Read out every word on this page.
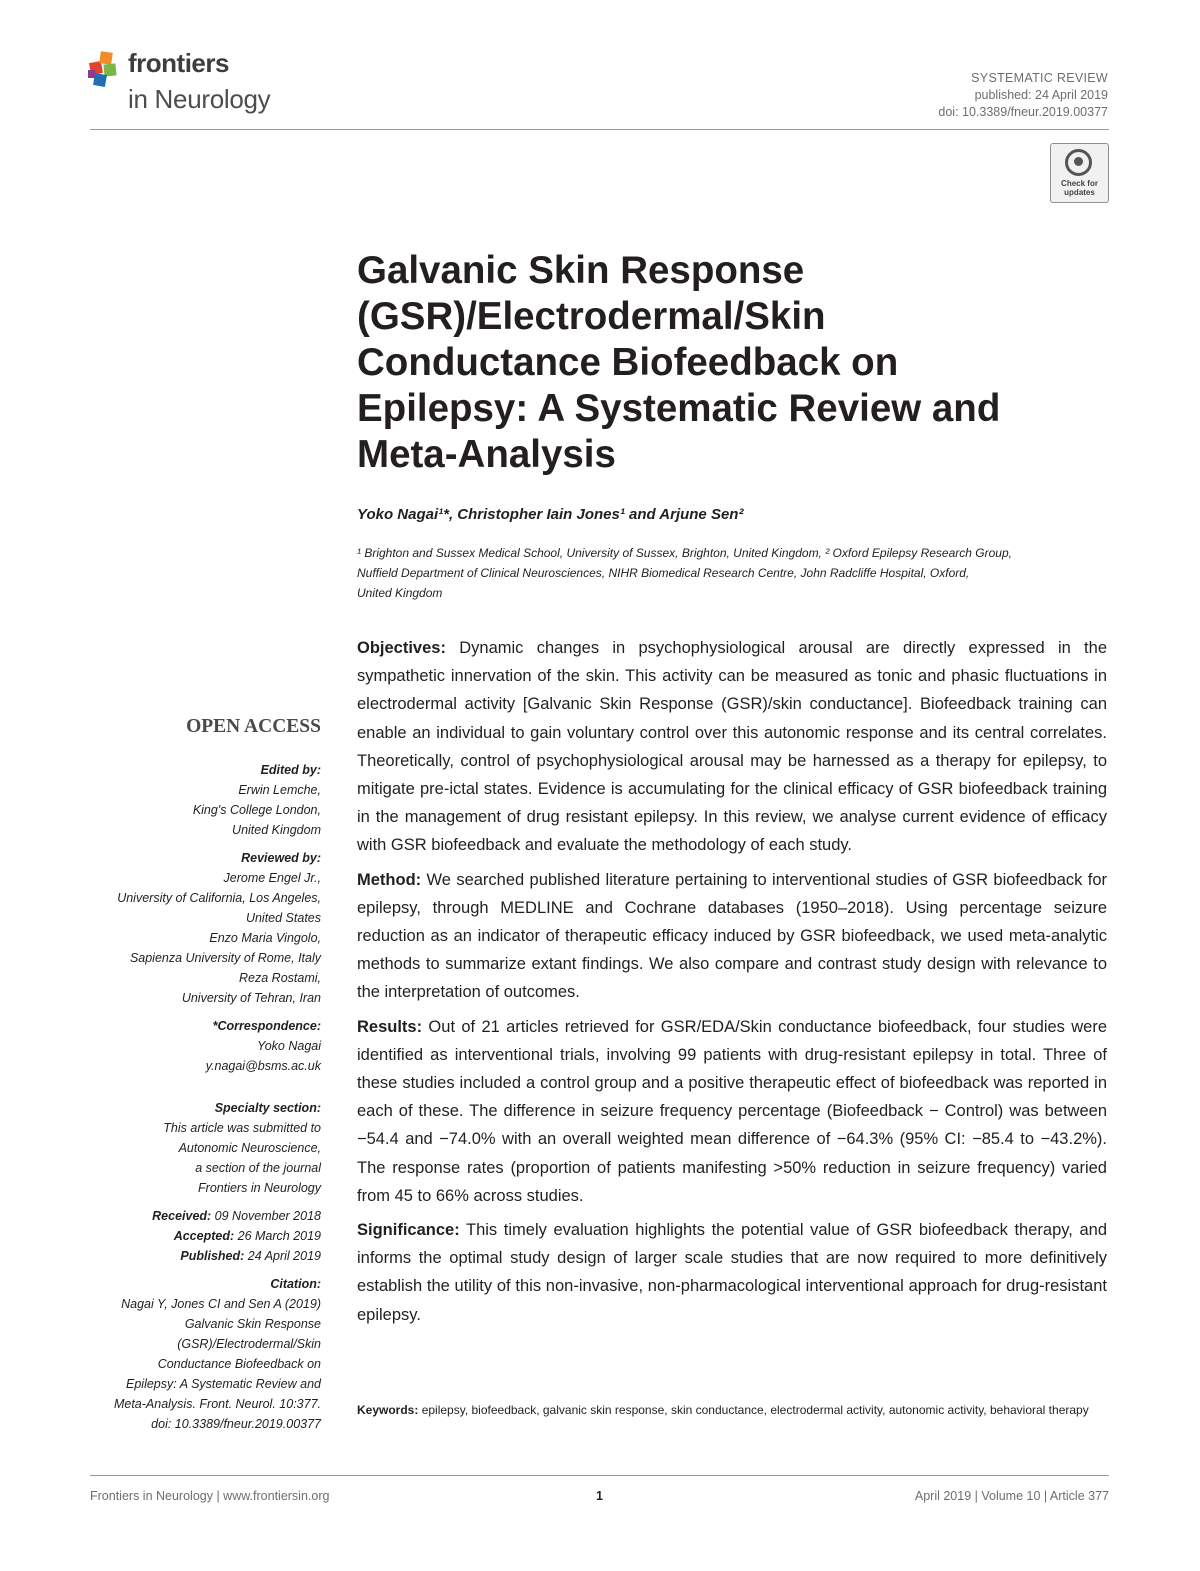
frontiers
in Neurology
SYSTEMATIC REVIEW
published: 24 April 2019
doi: 10.3389/fneur.2019.00377
Check for
updates
Galvanic Skin Response
(GSR)/Electrodermal/Skin
Conductance Biofeedback on
Epilepsy: A Systematic Review and
Meta-Analysis
Yoko Nagai¹*, Christopher Iain Jones¹ and Arjune Sen²
¹ Brighton and Sussex Medical School, University of Sussex, Brighton, United Kingdom, ² Oxford Epilepsy Research Group,
Nuffield Department of Clinical Neurosciences, NIHR Biomedical Research Centre, John Radcliffe Hospital, Oxford,
United Kingdom
OPEN ACCESS
Edited by:
Erwin Lemche,
King's College London,
United Kingdom
Reviewed by:
Jerome Engel Jr.,
University of California, Los Angeles,
United States
Enzo Maria Vingolo,
Sapienza University of Rome, Italy
Reza Rostami,
University of Tehran, Iran
*Correspondence:
Yoko Nagai
y.nagai@bsms.ac.uk
Specialty section:
This article was submitted to
Autonomic Neuroscience,
a section of the journal
Frontiers in Neurology
Received: 09 November 2018
Accepted: 26 March 2019
Published: 24 April 2019
Citation:
Nagai Y, Jones CI and Sen A (2019)
Galvanic Skin Response
(GSR)/Electrodermal/Skin
Conductance Biofeedback on
Epilepsy: A Systematic Review and
Meta-Analysis. Front. Neurol. 10:377.
doi: 10.3389/fneur.2019.00377

Objectives: Dynamic changes in psychophysiological arousal are directly expressed in the sympathetic innervation of the skin. This activity can be measured as tonic and phasic fluctuations in electrodermal activity [Galvanic Skin Response (GSR)/skin conductance]. Biofeedback training can enable an individual to gain voluntary control over this autonomic response and its central correlates. Theoretically, control of psychophysiological arousal may be harnessed as a therapy for epilepsy, to mitigate pre-ictal states. Evidence is accumulating for the clinical efficacy of GSR biofeedback training in the management of drug resistant epilepsy. In this review, we analyse current evidence of efficacy with GSR biofeedback and evaluate the methodology of each study.

Method: We searched published literature pertaining to interventional studies of GSR biofeedback for epilepsy, through MEDLINE and Cochrane databases (1950–2018). Using percentage seizure reduction as an indicator of therapeutic efficacy induced by GSR biofeedback, we used meta-analytic methods to summarize extant findings. We also compare and contrast study design with relevance to the interpretation of outcomes.

Results: Out of 21 articles retrieved for GSR/EDA/Skin conductance biofeedback, four studies were identified as interventional trials, involving 99 patients with drug-resistant epilepsy in total. Three of these studies included a control group and a positive therapeutic effect of biofeedback was reported in each of these. The difference in seizure frequency percentage (Biofeedback − Control) was between −54.4 and −74.0% with an overall weighted mean difference of −64.3% (95% CI: −85.4 to −43.2%). The response rates (proportion of patients manifesting >50% reduction in seizure frequency) varied from 45 to 66% across studies.

Significance: This timely evaluation highlights the potential value of GSR biofeedback therapy, and informs the optimal study design of larger scale studies that are now required to more definitively establish the utility of this non-invasive, non-pharmacological interventional approach for drug-resistant epilepsy.

Keywords: epilepsy, biofeedback, galvanic skin response, skin conductance, electrodermal activity, autonomic activity, behavioral therapy
Frontiers in Neurology | www.frontiersin.org	1	April 2019 | Volume 10 | Article 377
